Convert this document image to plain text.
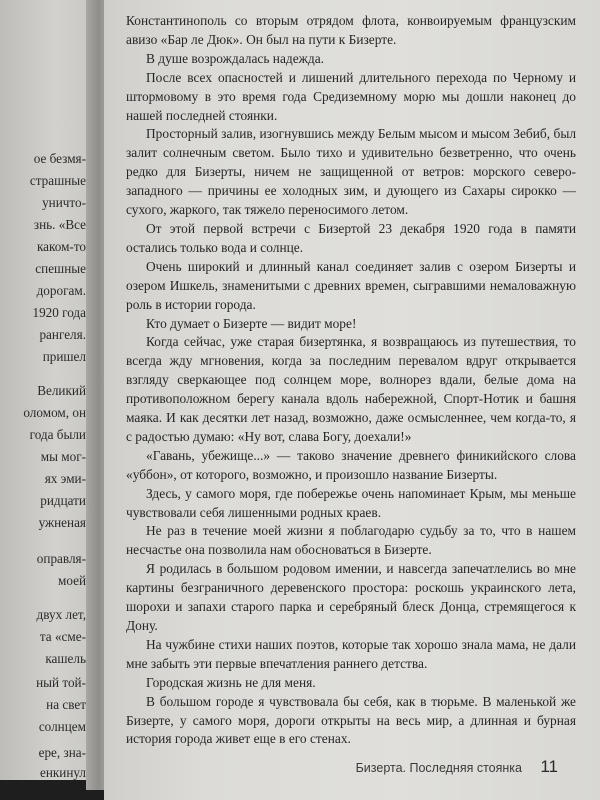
ое безмя-
страшные
уничто-
знь. «Все
каком-то
спешные
дорогам.
1920 года
рангеля.
пришел
Великий
оломом, он
года были
мы мог-
ях эми-
ридцати
ужненая
оправля-
моей
двух лет,
та «сме-
кашель
ный той-
на свет
солнцем
ере, зна-
енкинул

Константинополь со вторым отрядом флота, конвоируемым французским авизо «Бар ле Дюк». Он был на пути к Бизерте.

В душе возрождалась надежда.

После всех опасностей и лишений длительного перехода по Черному и штормовому в это время года Средиземному морю мы дошли наконец до нашей последней стоянки.

Просторный залив, изогнувшись между Белым мысом и мысом Зебиб, был залит солнечным светом. Было тихо и удивительно безветренно, что очень редко для Бизерты, ничем не защищенной от ветров: морского северо-западного — причины ее холодных зим, и дующего из Сахары сирокко — сухого, жаркого, так тяжело переносимого летом.

От этой первой встречи с Бизертой 23 декабря 1920 года в памяти остались только вода и солнце.

Очень широкий и длинный канал соединяет залив с озером Бизерты и озером Ишкель, знаменитыми с древних времен, сыгравшими немаловажную роль в истории города.

Кто думает о Бизерте — видит море!

Когда сейчас, уже старая бизертянка, я возвращаюсь из путешествия, то всегда жду мгновения, когда за последним перевалом вдруг открывается взгляду сверкающее под солнцем море, волнорез вдали, белые дома на противоположном берегу канала вдоль набережной, Спорт-Нотик и башня маяка. И как десятки лет назад, возможно, даже осмысленнее, чем когда-то, я с радостью думаю: «Ну вот, слава Богу, доехали!»

«Гавань, убежище...» — таково значение древнего финикийского слова «уббон», от которого, возможно, и произошло название Бизерты.

Здесь, у самого моря, где побережье очень напоминает Крым, мы меньше чувствовали себя лишенными родных краев.

Не раз в течение моей жизни я поблагодарю судьбу за то, что в нашем несчастье она позволила нам обосноваться в Бизерте.

Я родилась в большом родовом имении, и навсегда запечатлелись во мне картины безграничного деревенского простора: роскошь украинского лета, шорохи и запахи старого парка и серебряный блеск Донца, стремящегося к Дону.

На чужбине стихи наших поэтов, которые так хорошо знала мама, не дали мне забыть эти первые впечатления раннего детства.

Городская жизнь не для меня.

В большом городе я чувствовала бы себя, как в тюрьме. В маленькой же Бизерте, у самого моря, дороги открыты на весь мир, а длинная и бурная история города живет еще в его стенах.

Бизерта. Последняя стоянка 11
